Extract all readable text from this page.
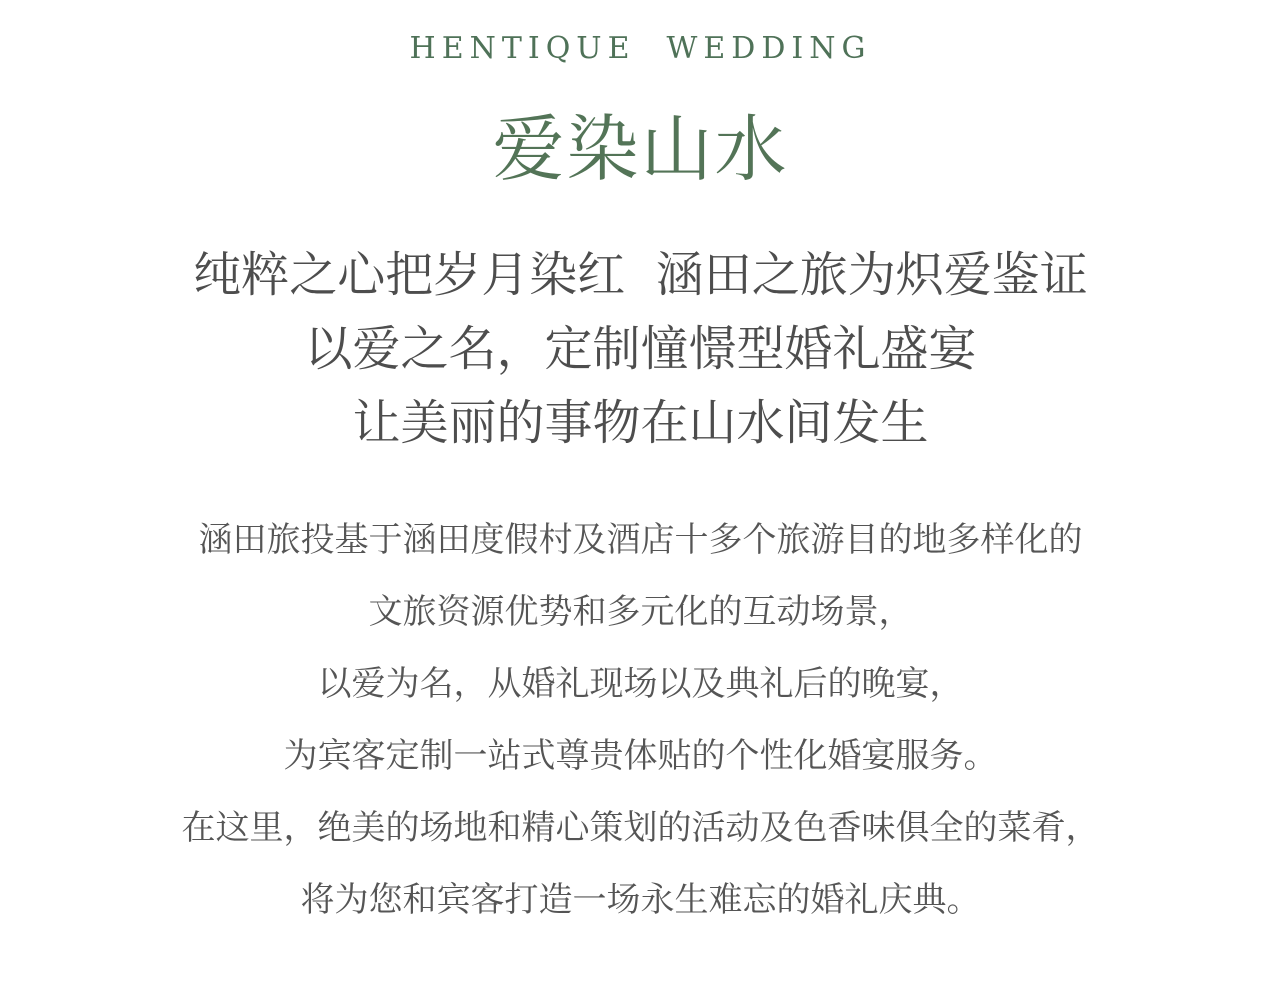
HENTIQUE  WEDDING
爱染山水
纯粹之心把岁月染红  涵田之旅为炽爱鉴证
以爱之名，定制憧憬型婚礼盛宴
让美丽的事物在山水间发生
涵田旅投基于涵田度假村及酒店十多个旅游目的地多样化的
文旅资源优势和多元化的互动场景，
以爱为名，从婚礼现场以及典礼后的晚宴，
为宾客定制一站式尊贵体贴的个性化婚宴服务。
在这里，绝美的场地和精心策划的活动及色香味俱全的菜肴，
将为您和宾客打造一场永生难忘的婚礼庆典。
